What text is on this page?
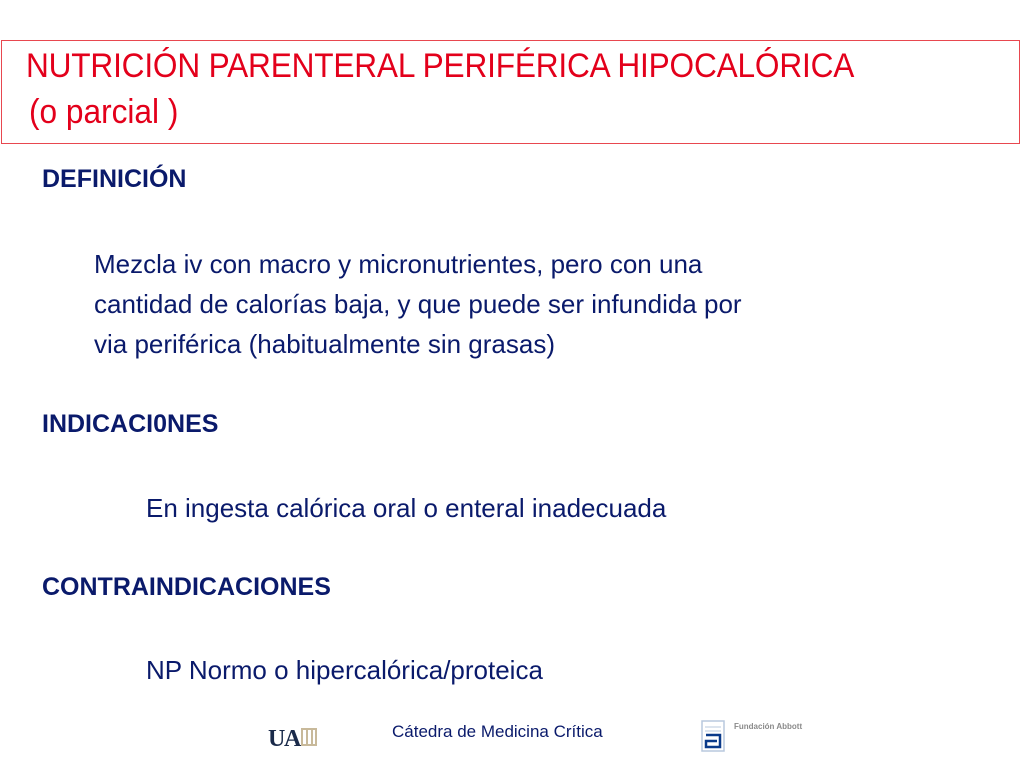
NUTRICIÓN PARENTERAL PERIFÉRICA HIPOCALÓRICA
(o parcial )
DEFINICIÓN
Mezcla iv con macro y micronutrientes, pero con una
cantidad de calorías baja, y que puede ser infundida por
via periférica (habitualmente sin grasas)
INDICACI0NES
En ingesta calórica oral o enteral inadecuada
CONTRAINDICACIONES
NP Normo o hipercalórica/proteica
U
A	Cátedra de Medicina Crítica	Fundación Abbott
